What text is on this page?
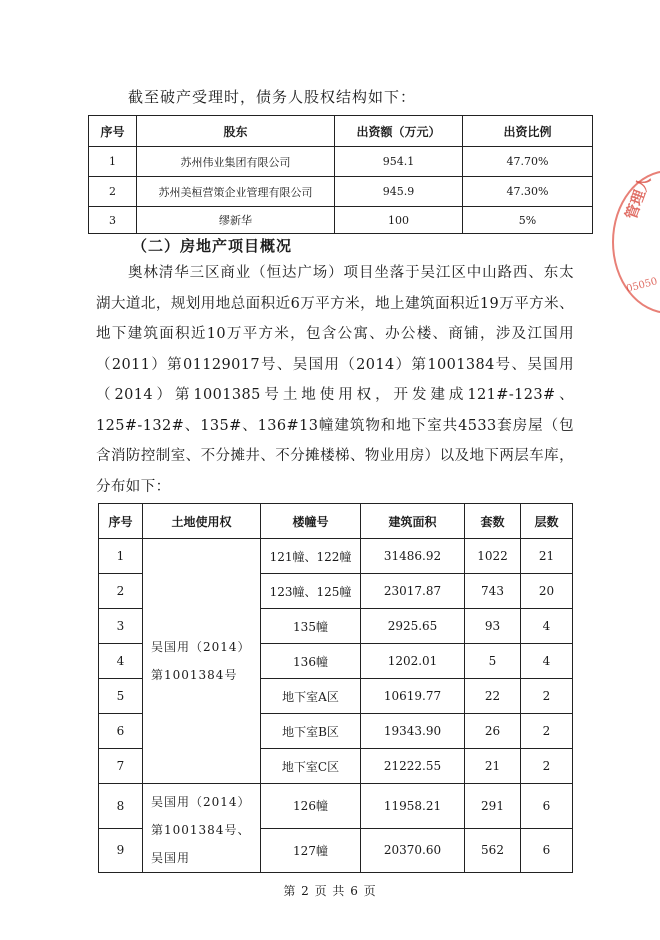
截至破产受理时，债务人股权结构如下：
序号	股东	出资额（万元）	出资比例
1	苏州伟业集团有限公司	954.1	47.70%
2	苏州美桓营策企业管理有限公司	945.9	47.30%
3	缪新华	100	5%
（二）房地产项目概况
奥林清华三区商业（恒达广场）项目坐落于吴江区中山路西、东太湖大道北，规划用地总面积近6万平方米，地上建筑面积近19万平方米、地下建筑面积近10万平方米，包含公寓、办公楼、商铺，涉及江国用（2011）第01129017号、吴国用（2014）第1001384号、吴国用（2014）第1001385号土地使用权，开发建成121#-123#、125#-132#、135#、136#13幢建筑物和地下室共4533套房屋（包含消防控制室、不分摊井、不分摊楼梯、物业用房）以及地下两层车库，分布如下：
序号	土地使用权	楼幢号	建筑面积	套数	层数
1	吴国用（2014）第1001384号	121幢、122幢	31486.92	1022	21
2		123幢、125幢	23017.87	743	20
3		135幢	2925.65	93	4
4		136幢	1202.01	5	4
5		地下室A区	10619.77	22	2
6		地下室B区	19343.90	26	2
7		地下室C区	21222.55	21	2
8	吴国用（2014）第1001384号、吴国用	126幢	11958.21	291	6
9		127幢	20370.60	562	6
管理人
05050
第 2 页 共 6 页
